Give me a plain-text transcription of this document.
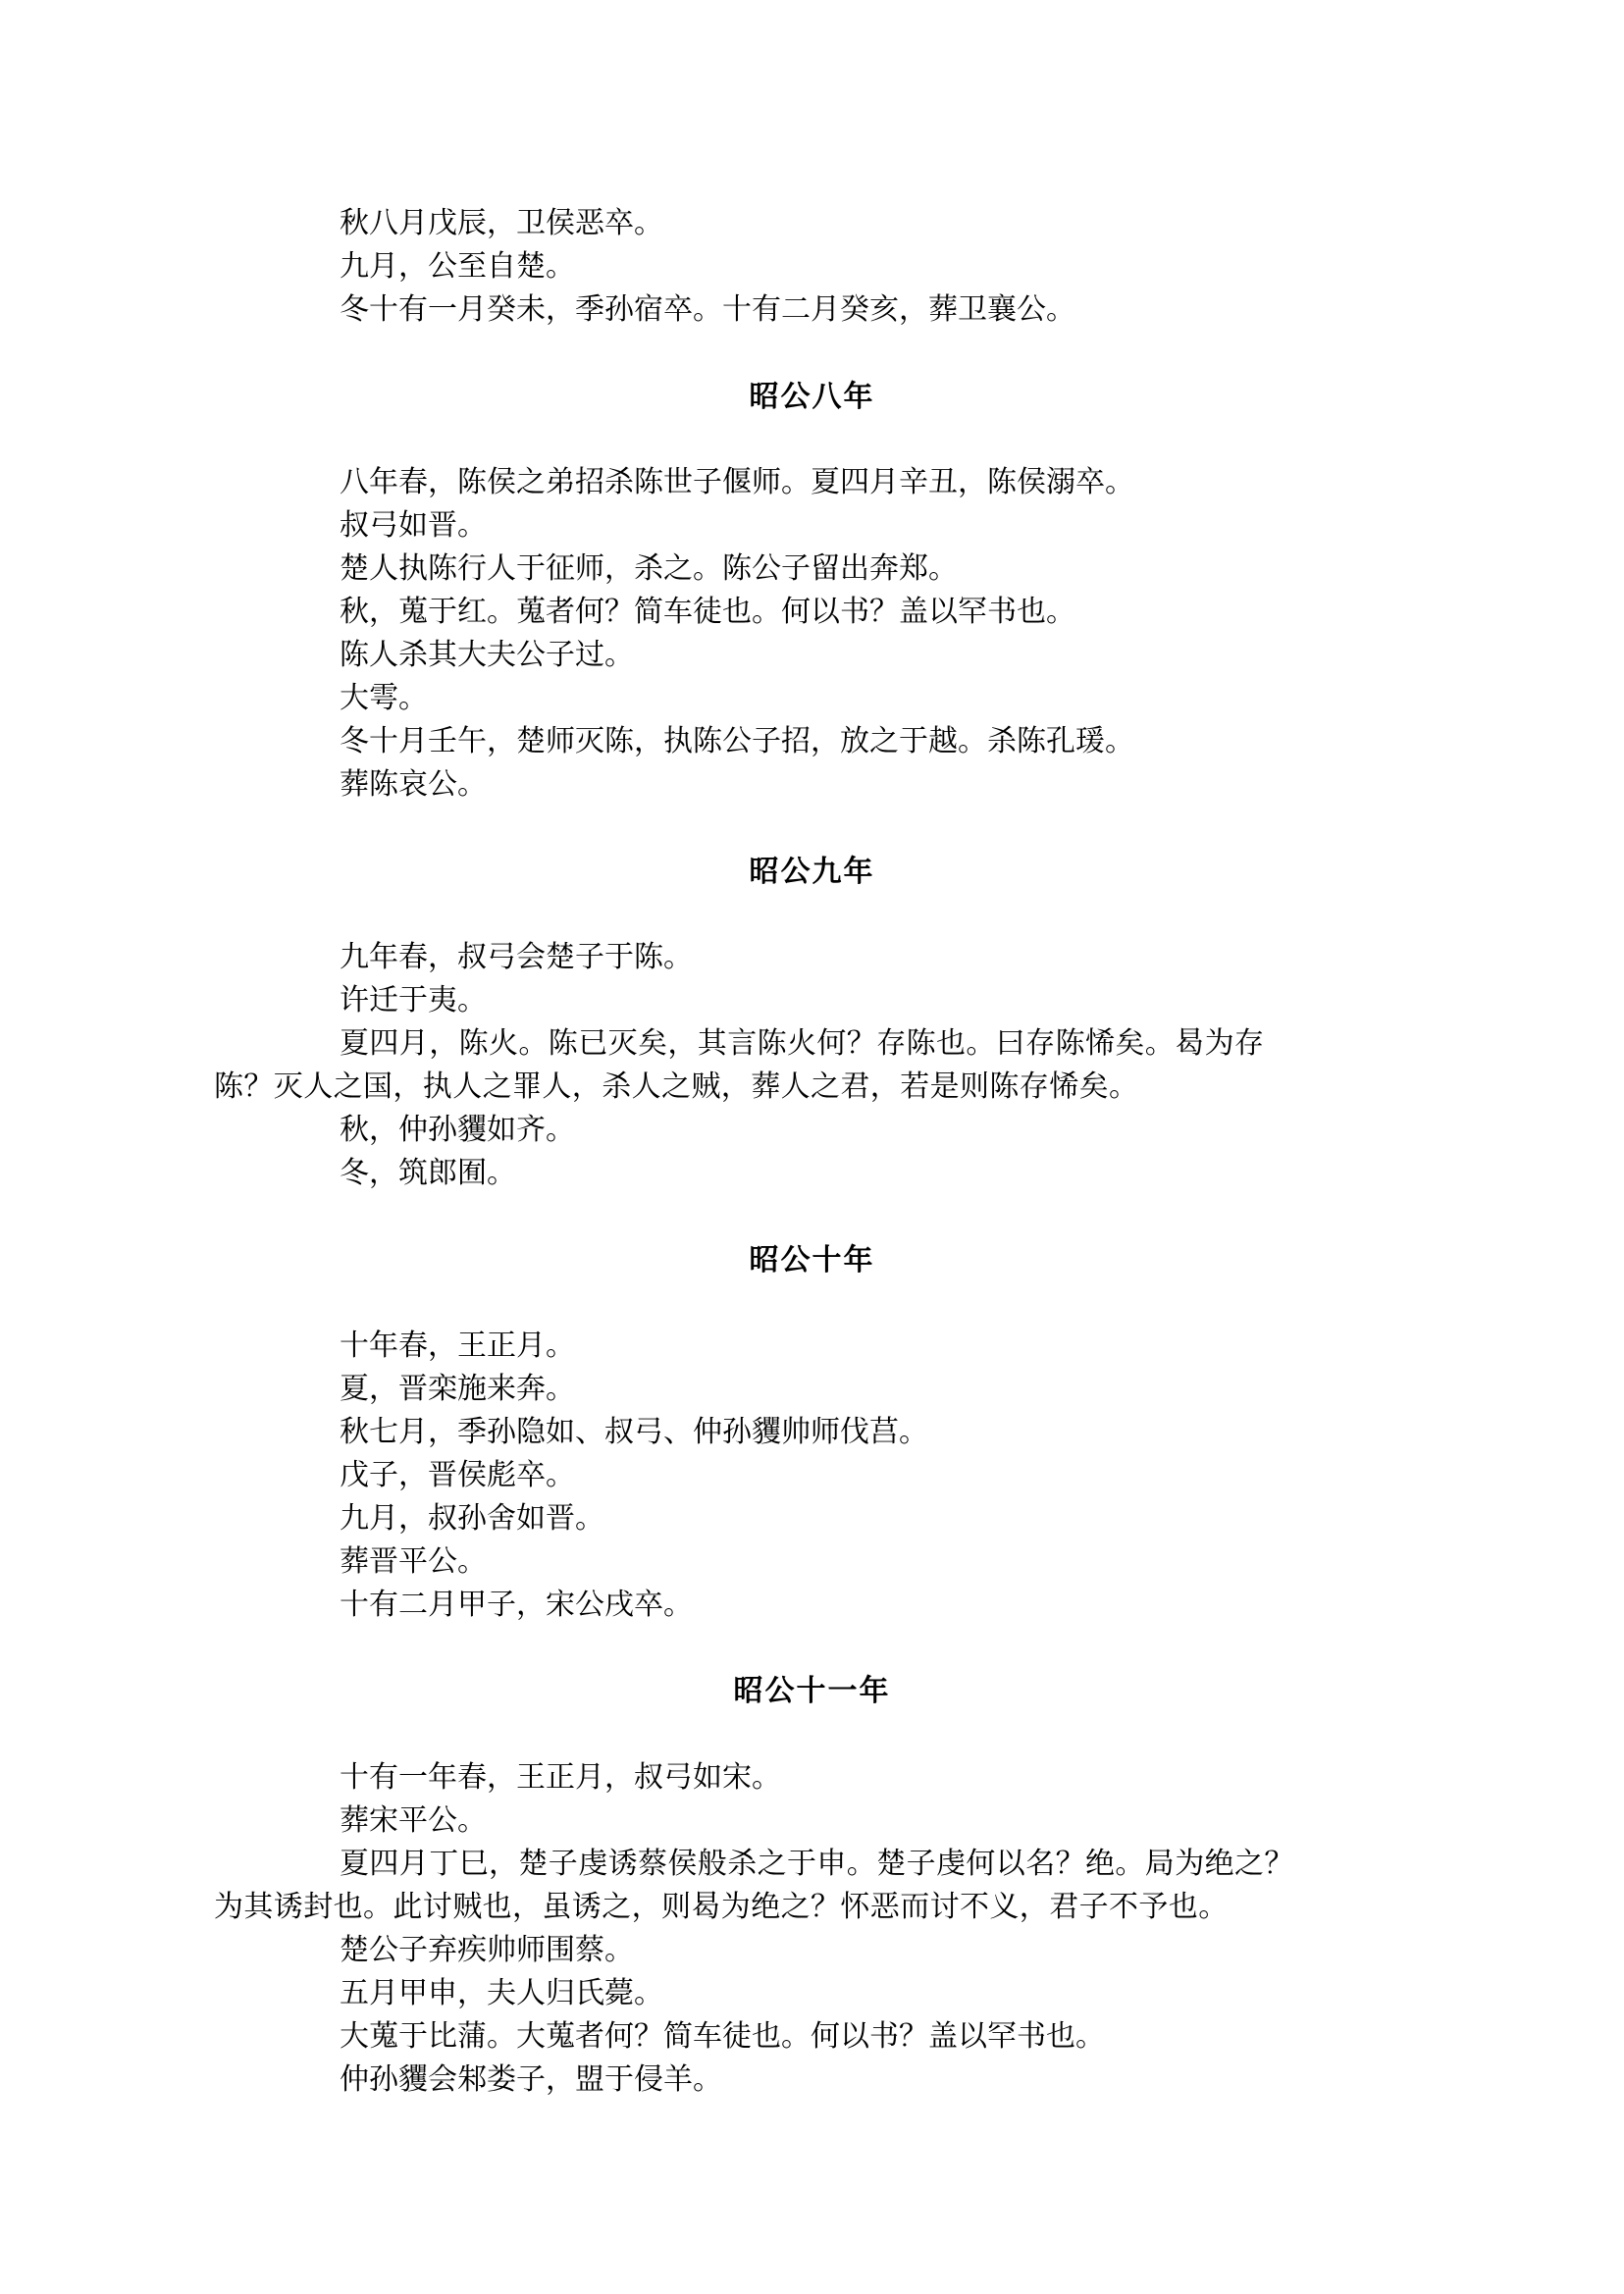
秋八月戊辰，卫侯恶卒。

九月，公至自楚。

冬十有一月癸未，季孙宿卒。十有二月癸亥，葬卫襄公。

昭公八年

八年春，陈侯之弟招杀陈世子偃师。夏四月辛丑，陈侯溺卒。

叔弓如晋。

楚人执陈行人于征师，杀之。陈公子留出奔郑。

秋，蒐于红。蒐者何？简车徒也。何以书？盖以罕书也。

陈人杀其大夫公子过。

大雩。

冬十月壬午，楚师灭陈，执陈公子招，放之于越。杀陈孔瑗。

葬陈哀公。

昭公九年

九年春，叔弓会楚子于陈。

许迁于夷。

夏四月，陈火。陈已灭矣，其言陈火何？存陈也。曰存陈悕矣。曷为存陈？灭人之国，执人之罪人，杀人之贼，葬人之君，若是则陈存悕矣。

秋，仲孙貜如齐。

冬，筑郎囿。

昭公十年

十年春，王正月。

夏，晋栾施来奔。

秋七月，季孙隐如、叔弓、仲孙貜帅师伐莒。

戊子，晋侯彪卒。

九月，叔孙舍如晋。

葬晋平公。

十有二月甲子，宋公戌卒。

昭公十一年

十有一年春，王正月，叔弓如宋。

葬宋平公。

夏四月丁巳，楚子虔诱蔡侯般杀之于申。楚子虔何以名？绝。局为绝之？为其诱封也。此讨贼也，虽诱之，则曷为绝之？怀恶而讨不义，君子不予也。

楚公子弃疾帅师围蔡。

五月甲申，夫人归氏薨。

大蒐于比蒲。大蒐者何？简车徒也。何以书？盖以罕书也。

仲孙貜会邾娄子，盟于侵羊。
